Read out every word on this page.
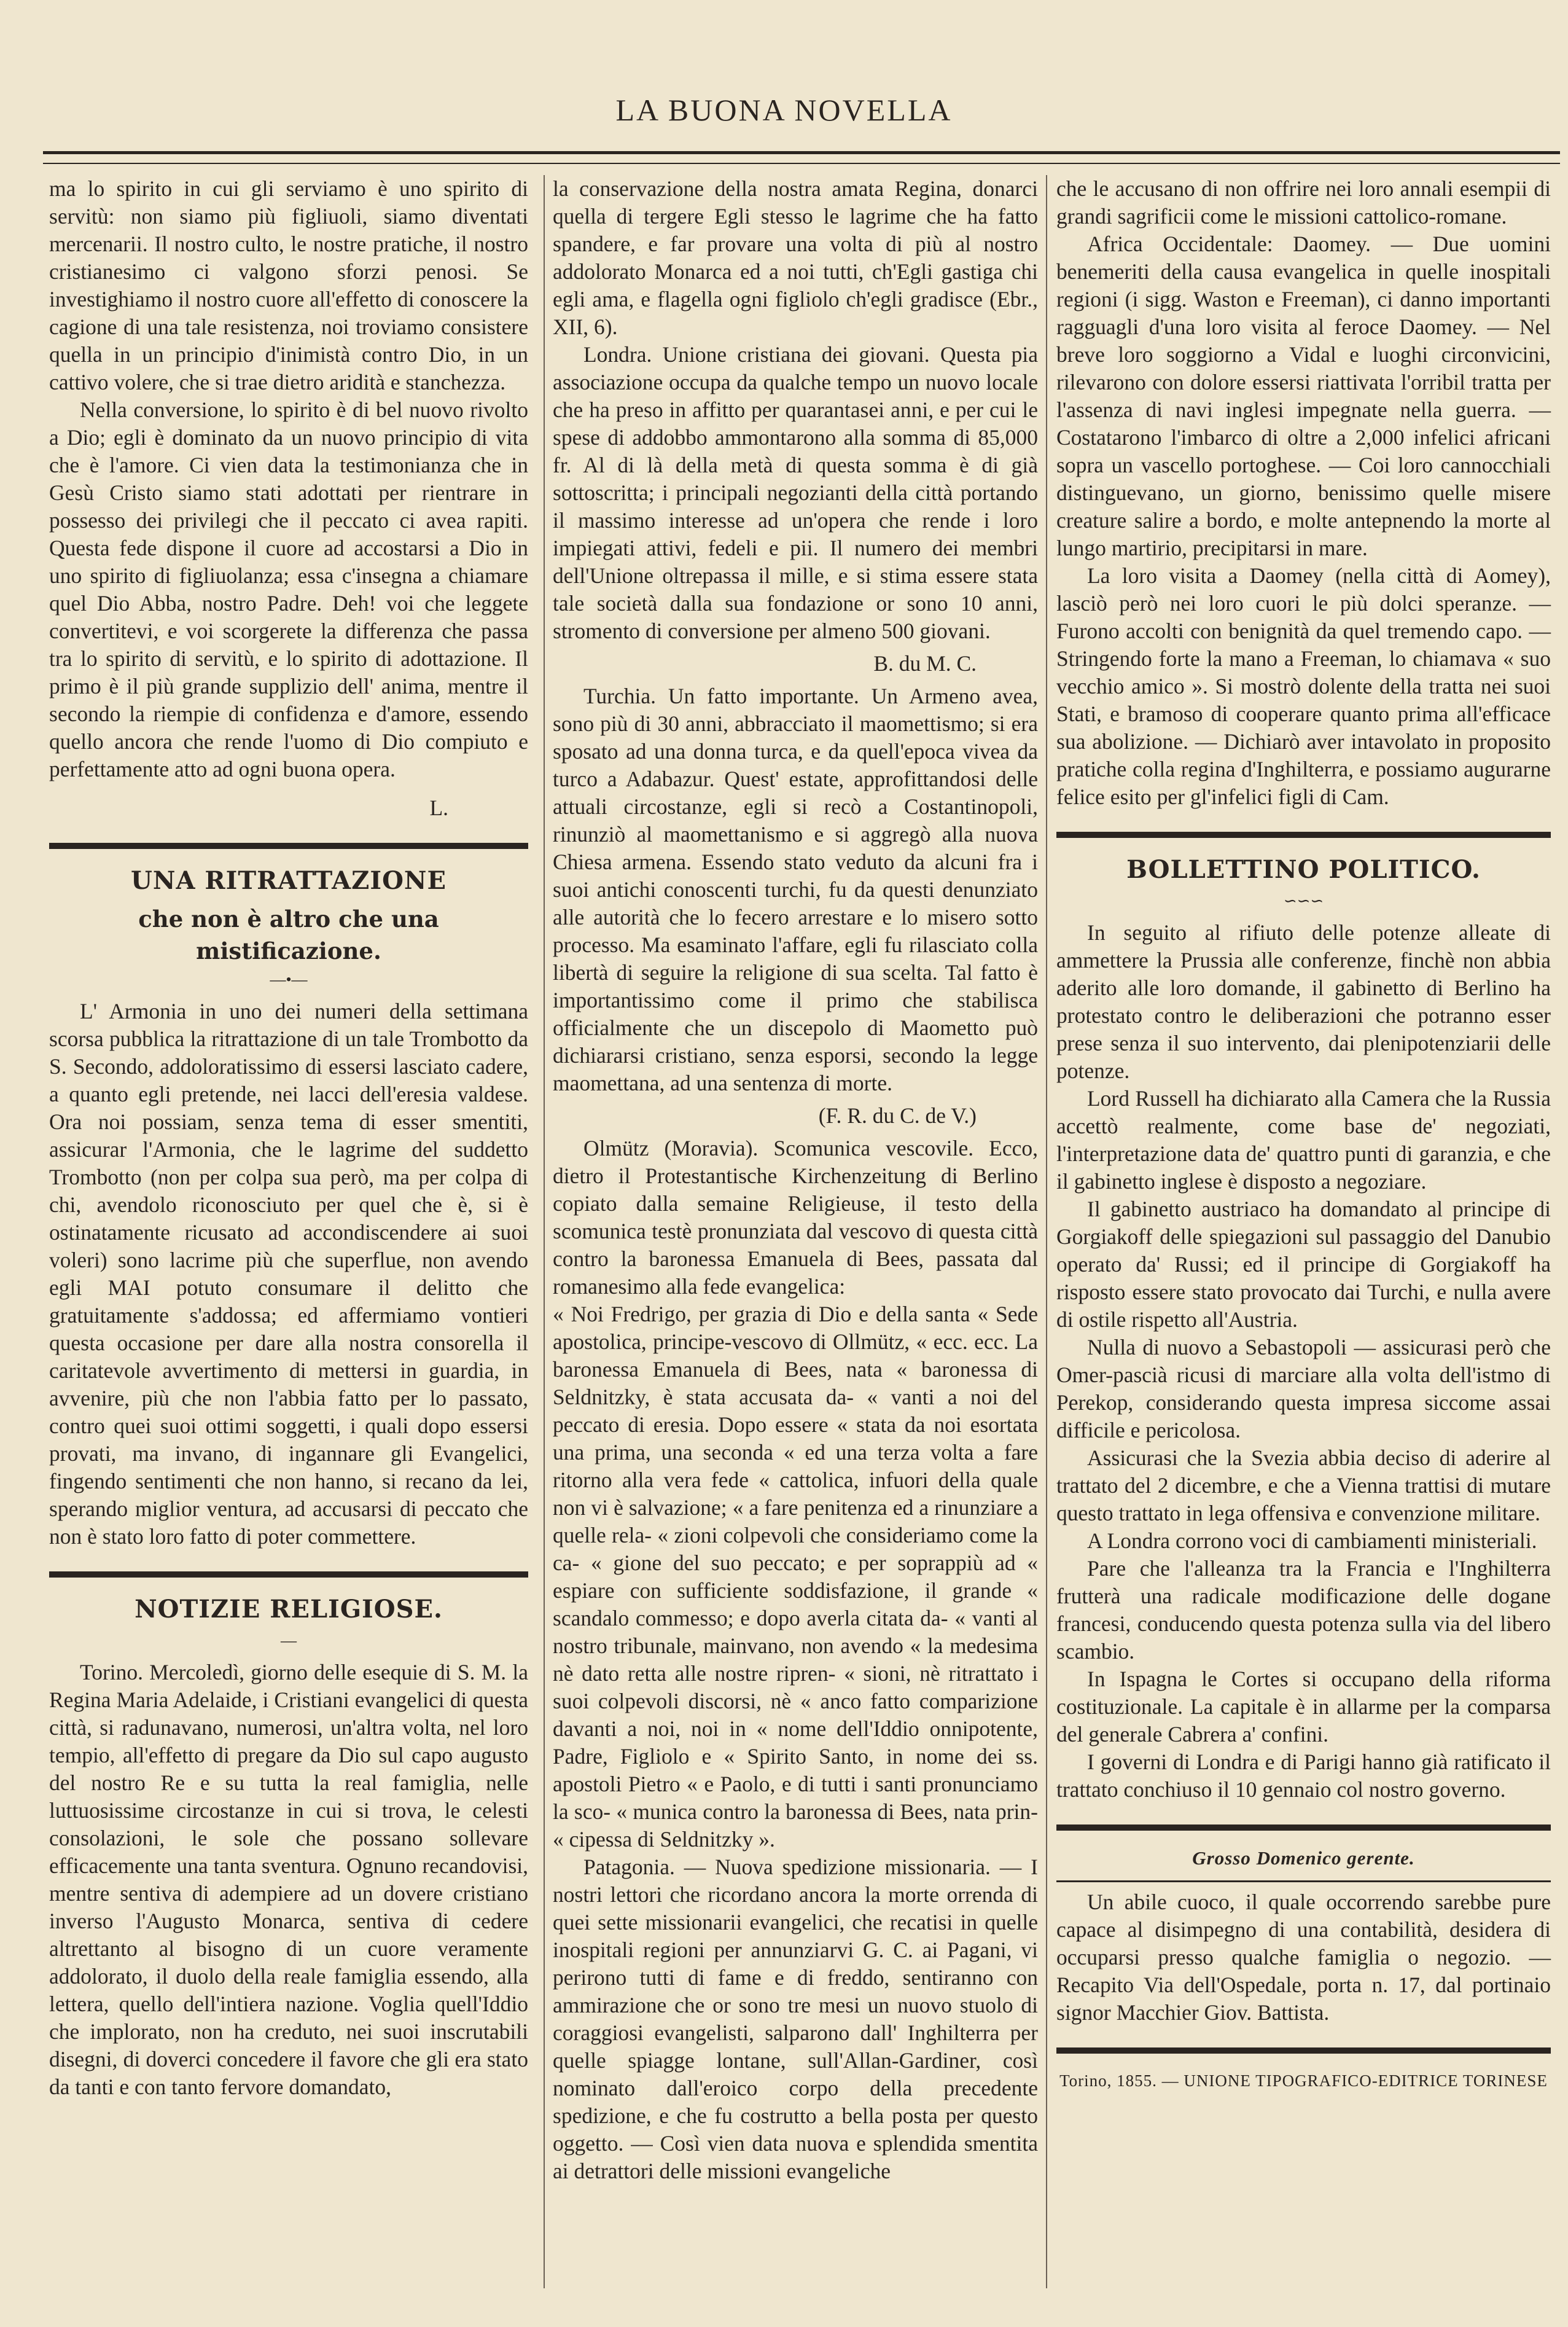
LA BUONA NOVELLA

ma lo spirito in cui gli serviamo è uno spirito di servitù: non siamo più figliuoli, siamo diventati mercenarii. Il nostro culto, le nostre pratiche, il nostro cristianesimo ci valgono sforzi penosi. Se investighiamo il nostro cuore all'effetto di conoscere la cagione di una tale resistenza, noi troviamo consistere quella in un principio d'inimistà contro Dio, in un cattivo volere, che si trae dietro aridità e stanchezza.

Nella conversione, lo spirito è di bel nuovo rivolto a Dio; egli è dominato da un nuovo principio di vita che è l'amore. Ci vien data la testimonianza che in Gesù Cristo siamo stati adottati per rientrare in possesso dei privilegi che il peccato ci avea rapiti. Questa fede dispone il cuore ad accostarsi a Dio in uno spirito di figliuolanza; essa c'insegna a chiamare quel Dio Abba, nostro Padre. Deh! voi che leggete convertitevi, e voi scorgerete la differenza che passa tra lo spirito di servitù, e lo spirito di adottazione. Il primo è il più grande supplizio dell' anima, mentre il secondo la riempie di confidenza e d'amore, essendo quello ancora che rende l'uomo di Dio compiuto e perfettamente atto ad ogni buona opera.

L.
UNA RITRATTAZIONE
che non è altro che una mistificazione.
—•—

L' Armonia in uno dei numeri della settimana scorsa pubblica la ritrattazione di un tale Trombotto da S. Secondo, addoloratissimo di essersi lasciato cadere, a quanto egli pretende, nei lacci dell'eresia valdese. Ora noi possiam, senza tema di esser smentiti, assicurar l'Armonia, che le lagrime del suddetto Trombotto (non per colpa sua però, ma per colpa di chi, avendolo riconosciuto per quel che è, si è ostinatamente ricusato ad accondiscendere ai suoi voleri) sono lacrime più che superflue, non avendo egli MAI potuto consumare il delitto che gratuitamente s'addossa; ed affermiamo vontieri questa occasione per dare alla nostra consorella il caritatevole avvertimento di mettersi in guardia, in avvenire, più che non l'abbia fatto per lo passato, contro quei suoi ottimi soggetti, i quali dopo essersi provati, ma invano, di ingannare gli Evangelici, fingendo sentimenti che non hanno, si recano da lei, sperando miglior ventura, ad accusarsi di peccato che non è stato loro fatto di poter commettere.

NOTIZIE RELIGIOSE.
—

Torino. Mercoledì, giorno delle esequie di S. M. la Regina Maria Adelaide, i Cristiani evangelici di questa città, si radunavano, numerosi, un'altra volta, nel loro tempio, all'effetto di pregare da Dio sul capo augusto del nostro Re e su tutta la real famiglia, nelle luttuosissime circostanze in cui si trova, le celesti consolazioni, le sole che possano sollevare efficacemente una tanta sventura. Ognuno recandovisi, mentre sentiva di adempiere ad un dovere cristiano inverso l'Augusto Monarca, sentiva di cedere altrettanto al bisogno di un cuore veramente addolorato, il duolo della reale famiglia essendo, alla lettera, quello dell'intiera nazione. Voglia quell'Iddio che implorato, non ha creduto, nei suoi inscrutabili disegni, di doverci concedere il favore che gli era stato da tanti e con tanto fervore domandato,

la conservazione della nostra amata Regina, donarci quella di tergere Egli stesso le lagrime che ha fatto spandere, e far provare una volta di più al nostro addolorato Monarca ed a noi tutti, ch'Egli gastiga chi egli ama, e flagella ogni figliolo ch'egli gradisce (Ebr., XII, 6).

Londra. Unione cristiana dei giovani. Questa pia associazione occupa da qualche tempo un nuovo locale che ha preso in affitto per quarantasei anni, e per cui le spese di addobbo ammontarono alla somma di 85,000 fr. Al di là della metà di questa somma è di già sottoscritta; i principali negozianti della città portando il massimo interesse ad un'opera che rende i loro impiegati attivi, fedeli e pii. Il numero dei membri dell'Unione oltrepassa il mille, e si stima essere stata tale società dalla sua fondazione or sono 10 anni, stromento di conversione per almeno 500 giovani.

B. du M. C.

Turchia. Un fatto importante. Un Armeno avea, sono più di 30 anni, abbracciato il maomettismo; si era sposato ad una donna turca, e da quell'epoca vivea da turco a Adabazur. Quest' estate, approfittandosi delle attuali circostanze, egli si recò a Costantinopoli, rinunziò al maomettanismo e si aggregò alla nuova Chiesa armena. Essendo stato veduto da alcuni fra i suoi antichi conoscenti turchi, fu da questi denunziato alle autorità che lo fecero arrestare e lo misero sotto processo. Ma esaminato l'affare, egli fu rilasciato colla libertà di seguire la religione di sua scelta. Tal fatto è importantissimo come il primo che stabilisca officialmente che un discepolo di Maometto può dichiararsi cristiano, senza esporsi, secondo la legge maomettana, ad una sentenza di morte.

(F. R. du C. de V.)

Olmütz (Moravia). Scomunica vescovile. Ecco, dietro il Protestantische Kirchenzeitung di Berlino copiato dalla semaine Religieuse, il testo della scomunica testè pronunziata dal vescovo di questa città contro la baronessa Emanuela di Bees, passata dal romanesimo alla fede evangelica:

« Noi Fredrigo, per grazia di Dio e della santa « Sede apostolica, principe-vescovo di Ollmütz, « ecc. ecc. La baronessa Emanuela di Bees, nata « baronessa di Seldnitzky, è stata accusata da- « vanti a noi del peccato di eresia. Dopo essere « stata da noi esortata una prima, una seconda « ed una terza volta a fare ritorno alla vera fede « cattolica, infuori della quale non vi è salvazione; « a fare penitenza ed a rinunziare a quelle rela- « zioni colpevoli che consideriamo come la ca- « gione del suo peccato; e per soprappiù ad « espiare con sufficiente soddisfazione, il grande « scandalo commesso; e dopo averla citata da- « vanti al nostro tribunale, mainvano, non avendo « la medesima nè dato retta alle nostre ripren- « sioni, nè ritrattato i suoi colpevoli discorsi, nè « anco fatto comparizione davanti a noi, noi in « nome dell'Iddio onnipotente, Padre, Figliolo e « Spirito Santo, in nome dei ss. apostoli Pietro « e Paolo, e di tutti i santi pronunciamo la sco- « munica contro la baronessa di Bees, nata prin- « cipessa di Seldnitzky ».

Patagonia. — Nuova spedizione missionaria. — I nostri lettori che ricordano ancora la morte orrenda di quei sette missionarii evangelici, che recatisi in quelle inospitali regioni per annunziarvi G. C. ai Pagani, vi perirono tutti di fame e di freddo, sentiranno con ammirazione che or sono tre mesi un nuovo stuolo di coraggiosi evangelisti, salparono dall' Inghilterra per quelle spiagge lontane, sull'Allan-Gardiner, così nominato dall'eroico corpo della precedente spedizione, e che fu costrutto a bella posta per questo oggetto. — Così vien data nuova e splendida smentita ai detrattori delle missioni evangeliche

che le accusano di non offrire nei loro annali esempii di grandi sagrificii come le missioni cattolico-romane.

Africa Occidentale: Daomey. — Due uomini benemeriti della causa evangelica in quelle inospitali regioni (i sigg. Waston e Freeman), ci danno importanti ragguagli d'una loro visita al feroce Daomey. — Nel breve loro soggiorno a Vidal e luoghi circonvicini, rilevarono con dolore essersi riattivata l'orribil tratta per l'assenza di navi inglesi impegnate nella guerra. — Costatarono l'imbarco di oltre a 2,000 infelici africani sopra un vascello portoghese. — Coi loro cannocchiali distinguevano, un giorno, benissimo quelle misere creature salire a bordo, e molte antepnendo la morte al lungo martirio, precipitarsi in mare.

La loro visita a Daomey (nella città di Aomey), lasciò però nei loro cuori le più dolci speranze. — Furono accolti con benignità da quel tremendo capo. — Stringendo forte la mano a Freeman, lo chiamava « suo vecchio amico ». Si mostrò dolente della tratta nei suoi Stati, e bramoso di cooperare quanto prima all'efficace sua abolizione. — Dichiarò aver intavolato in proposito pratiche colla regina d'Inghilterra, e possiamo augurarne felice esito per gl'infelici figli di Cam.

BOLLETTINO POLITICO.
∽∽∽

In seguito al rifiuto delle potenze alleate di ammettere la Prussia alle conferenze, finchè non abbia aderito alle loro domande, il gabinetto di Berlino ha protestato contro le deliberazioni che potranno esser prese senza il suo intervento, dai plenipotenziarii delle potenze.

Lord Russell ha dichiarato alla Camera che la Russia accettò realmente, come base de' negoziati, l'interpretazione data de' quattro punti di garanzia, e che il gabinetto inglese è disposto a negoziare.

Il gabinetto austriaco ha domandato al principe di Gorgiakoff delle spiegazioni sul passaggio del Danubio operato da' Russi; ed il principe di Gorgiakoff ha risposto essere stato provocato dai Turchi, e nulla avere di ostile rispetto all'Austria.

Nulla di nuovo a Sebastopoli — assicurasi però che Omer-pascià ricusi di marciare alla volta dell'istmo di Perekop, considerando questa impresa siccome assai difficile e pericolosa.

Assicurasi che la Svezia abbia deciso di aderire al trattato del 2 dicembre, e che a Vienna trattisi di mutare questo trattato in lega offensiva e convenzione militare.

A Londra corrono voci di cambiamenti ministeriali.

Pare che l'alleanza tra la Francia e l'Inghilterra frutterà una radicale modificazione delle dogane francesi, conducendo questa potenza sulla via del libero scambio.

In Ispagna le Cortes si occupano della riforma costituzionale. La capitale è in allarme per la comparsa del generale Cabrera a' confini.

I governi di Londra e di Parigi hanno già ratificato il trattato conchiuso il 10 gennaio col nostro governo.

Grosso Domenico gerente.

Un abile cuoco, il quale occorrendo sarebbe pure capace al disimpegno di una contabilità, desidera di occuparsi presso qualche famiglia o negozio. — Recapito Via dell'Ospedale, porta n. 17, dal portinaio signor Macchier Giov. Battista.

Torino, 1855. — UNIONE TIPOGRAFICO-EDITRICE TORINESE
